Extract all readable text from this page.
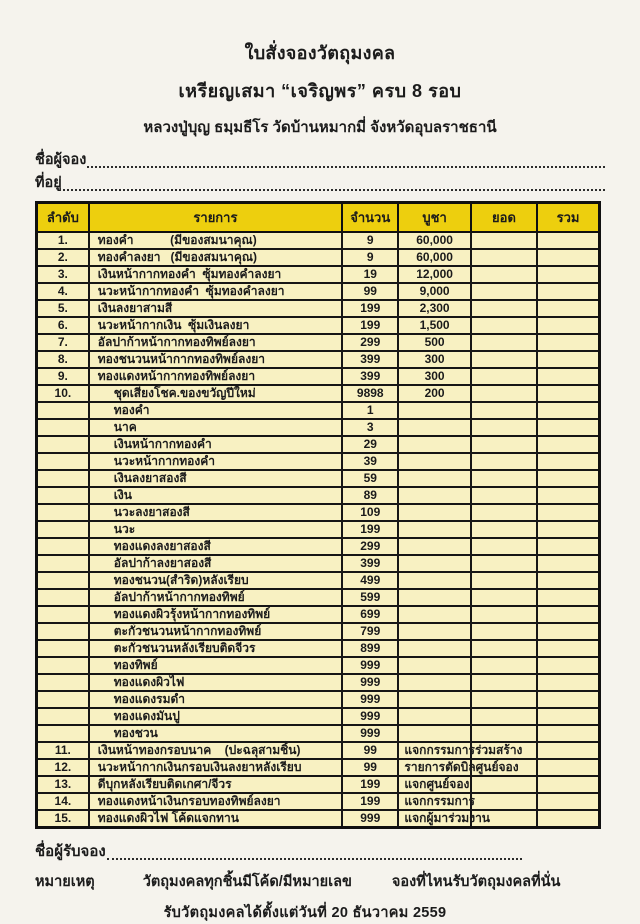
ใบสั่งจองวัตถุมงคล
เหรียญเสมา “เจริญพร” ครบ 8 รอบ
หลวงปู่บุญ ธมฺมธีโร วัดบ้านหมากมี่ จังหวัดอุบลราชธานี
ชื่อผู้จอง
ที่อยู่
ลำดับ	รายการ	จำนวน	บูชา	ยอด	รวม
1.	ทองคำ           (มีของสมนาคุณ)	9	60,000		
2.	ทองคำลงยา   (มีของสมนาคุณ)	9	60,000		
3.	เงินหน้ากากทองคำ  ซุ้มทองคำลงยา	19	12,000		
4.	นวะหน้ากากทองคำ  ซุ้มทองคำลงยา	99	9,000		
5.	เงินลงยาสามสี	199	2,300		
6.	นวะหน้ากากเงิน  ซุ้มเงินลงยา	199	1,500		
7.	อัลปาก้าหน้ากากทองทิพย์ลงยา	299	500		
8.	ทองชนวนหน้ากากทองทิพย์ลงยา	399	300		
9.	ทองแดงหน้ากากทองทิพย์ลงยา	399	300		
10.	ชุดเสี่ยงโชค.ของขวัญปีใหม่	9898	200		
	ทองคำ	1			
	นาค	3			
	เงินหน้ากากทองคำ	29			
	นวะหน้ากากทองคำ	39			
	เงินลงยาสองสี	59			
	เงิน	89			
	นวะลงยาสองสี	109			
	นวะ	199			
	ทองแดงลงยาสองสี	299			
	อัลปาก้าลงยาสองสี	399			
	ทองชนวน(สำริด)หลังเรียบ	499			
	อัลปาก้าหน้ากากทองทิพย์	599			
	ทองแดงผิวรุ้งหน้ากากทองทิพย์	699			
	ตะกั่วชนวนหน้ากากทองทิพย์	799			
	ตะกั่วชนวนหลังเรียบติดจีวร	899			
	ทองทิพย์	999			
	ทองแดงผิวไฟ	999			
	ทองแดงรมดำ	999			
	ทองแดงมันปู	999			
	ทองชวน	999			
11.	เงินหน้าทองกรอบนาค    (ปะฉลุสามชิ้น)	99	แจกกรรมการร่วมสร้าง		
12.	นวะหน้ากากเงินกรอบเงินลงยาหลังเรียบ	99	รายการตัดบิลศูนย์จอง		
13.	ดีบุกหลังเรียบติดเกศา/จีวร	199	แจกศูนย์จอง		
14.	ทองแดงหน้าเงินกรอบทองทิพย์ลงยา	199	แจกกรรมการ		
15.	ทองแดงผิวไฟ โค้ดแจกทาน	999	แจกผู้มาร่วมงาน		
ชื่อผู้รับจอง
หมายเหตุ	วัตถุมงคลทุกชิ้นมีโค้ด/มีหมายเลข	จองที่ไหนรับวัตถุมงคลที่นั่น
รับวัตถุมงคลได้ตั้งแต่วันที่ 20 ธันวาคม 2559
